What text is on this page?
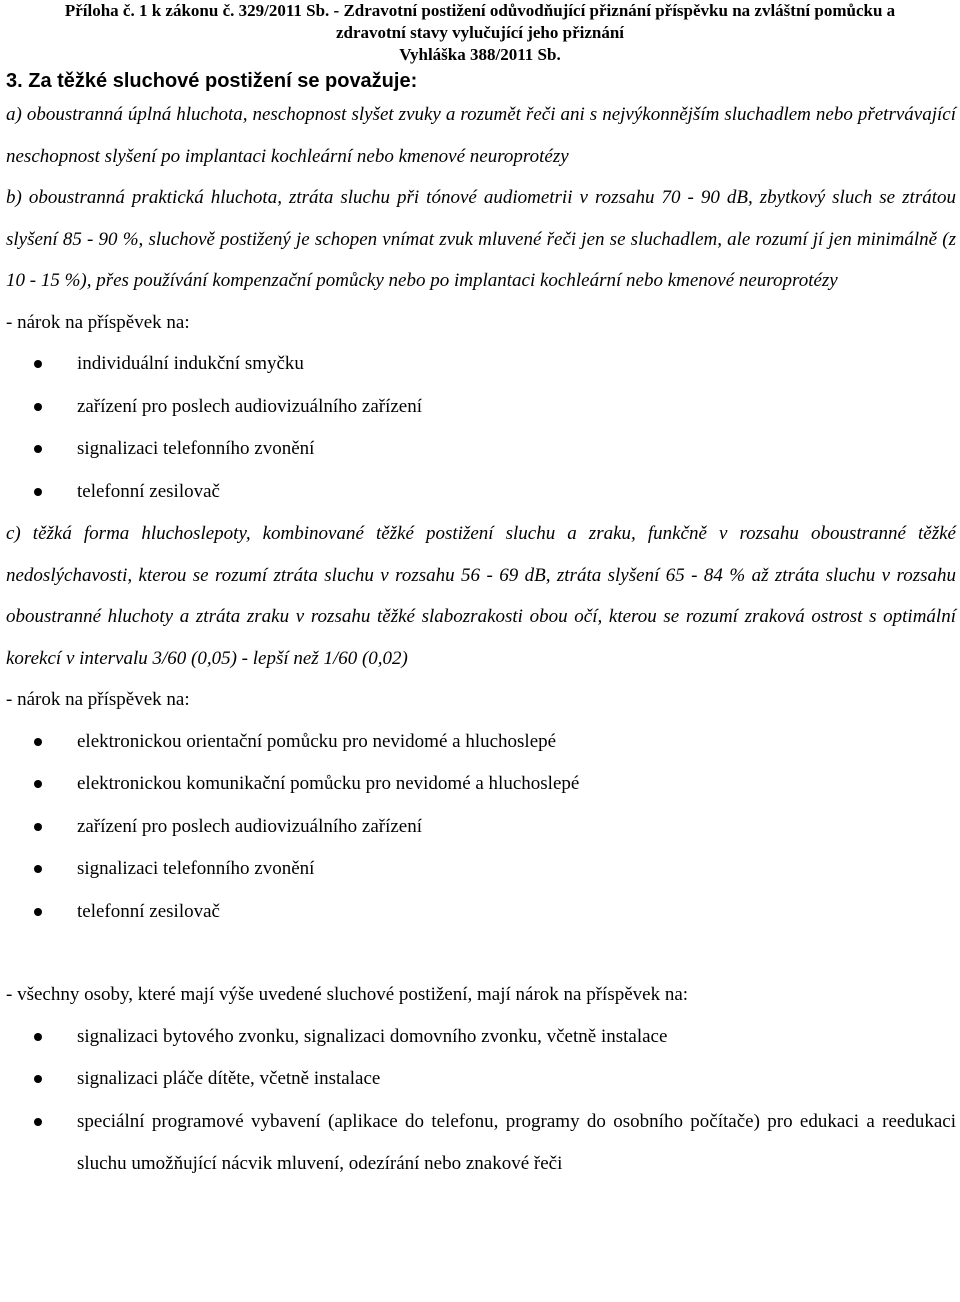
Příloha č. 1 k zákonu č. 329/2011 Sb. - Zdravotní postižení odůvodňující přiznání příspěvku na zvláštní pomůcku a
zdravotní stavy vylučující jeho přiznání
Vyhláška 388/2011 Sb.
3. Za těžké sluchové postižení se považuje:

a) oboustranná úplná hluchota, neschopnost slyšet zvuky a rozumět řeči ani s nejvýkonnějším sluchadlem nebo přetrvávající neschopnost slyšení po implantaci kochleární nebo kmenové neuroprotézy

b) oboustranná praktická hluchota, ztráta sluchu při tónové audiometrii v rozsahu 70 - 90 dB, zbytkový sluch se ztrátou slyšení 85 - 90 %, sluchově postižený je schopen vnímat zvuk mluvené řeči jen se sluchadlem, ale rozumí jí jen minimálně (z 10 - 15 %), přes používání kompenzační pomůcky nebo po implantaci kochleární nebo kmenové neuroprotézy

- nárok na příspěvek na:

individuální indukční smyčku
zařízení pro poslech audiovizuálního zařízení
signalizaci telefonního zvonění
telefonní zesilovač

c) těžká forma hluchoslepoty, kombinované těžké postižení sluchu a zraku, funkčně v rozsahu oboustranné těžké nedoslýchavosti, kterou se rozumí ztráta sluchu v rozsahu 56 - 69 dB, ztráta slyšení 65 - 84 % až ztráta sluchu v rozsahu oboustranné hluchoty a ztráta zraku v rozsahu těžké slabozrakosti obou očí, kterou se rozumí zraková ostrost s optimální korekcí v intervalu 3/60 (0,05) - lepší než 1/60 (0,02)

- nárok na příspěvek na:

elektronickou orientační pomůcku pro nevidomé a hluchoslepé
elektronickou komunikační pomůcku pro nevidomé a hluchoslepé
zařízení pro poslech audiovizuálního zařízení
signalizaci telefonního zvonění
telefonní zesilovač

- všechny osoby, které mají výše uvedené sluchové postižení, mají nárok na příspěvek na:

signalizaci bytového zvonku, signalizaci domovního zvonku, včetně instalace
signalizaci pláče dítěte, včetně instalace
speciální programové vybavení (aplikace do telefonu, programy do osobního počítače) pro edukaci a reedukaci sluchu umožňující nácvik mluvení, odezírání nebo znakové řeči
